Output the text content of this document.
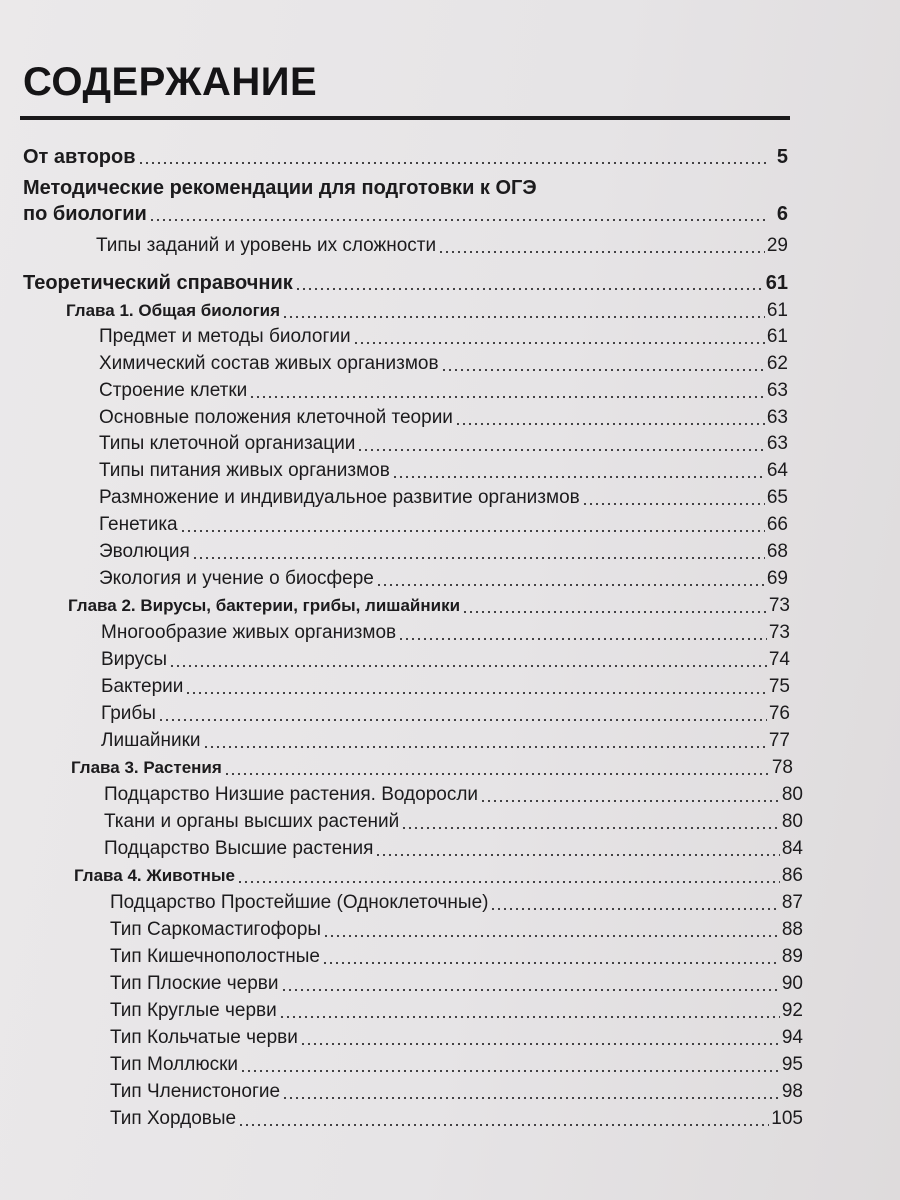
СОДЕРЖАНИЕ
От авторов	5
Методические рекомендации для подготовки к ОГЭ
по биологии	6
Типы заданий и уровень их сложности	29
Теоретический справочник	61
Глава 1. Общая биология	61
Предмет и методы биологии	61
Химический состав живых организмов	62
Строение клетки	63
Основные положения клеточной теории	63
Типы клеточной организации	63
Типы питания живых организмов	64
Размножение и индивидуальное развитие организмов	65
Генетика	66
Эволюция	68
Экология и учение о биосфере	69
Глава 2. Вирусы, бактерии, грибы, лишайники	73
Многообразие живых организмов	73
Вирусы	74
Бактерии	75
Грибы	76
Лишайники	77
Глава 3. Растения	78
Подцарство Низшие растения. Водоросли	80
Ткани и органы высших растений	80
Подцарство Высшие растения	84
Глава 4. Животные	86
Подцарство Простейшие (Одноклеточные)	87
Тип Саркомастигофоры	88
Тип Кишечнополостные	89
Тип Плоские черви	90
Тип Круглые черви	92
Тип Кольчатые черви	94
Тип Моллюски	95
Тип Членистоногие	98
Тип Хордовые	105
